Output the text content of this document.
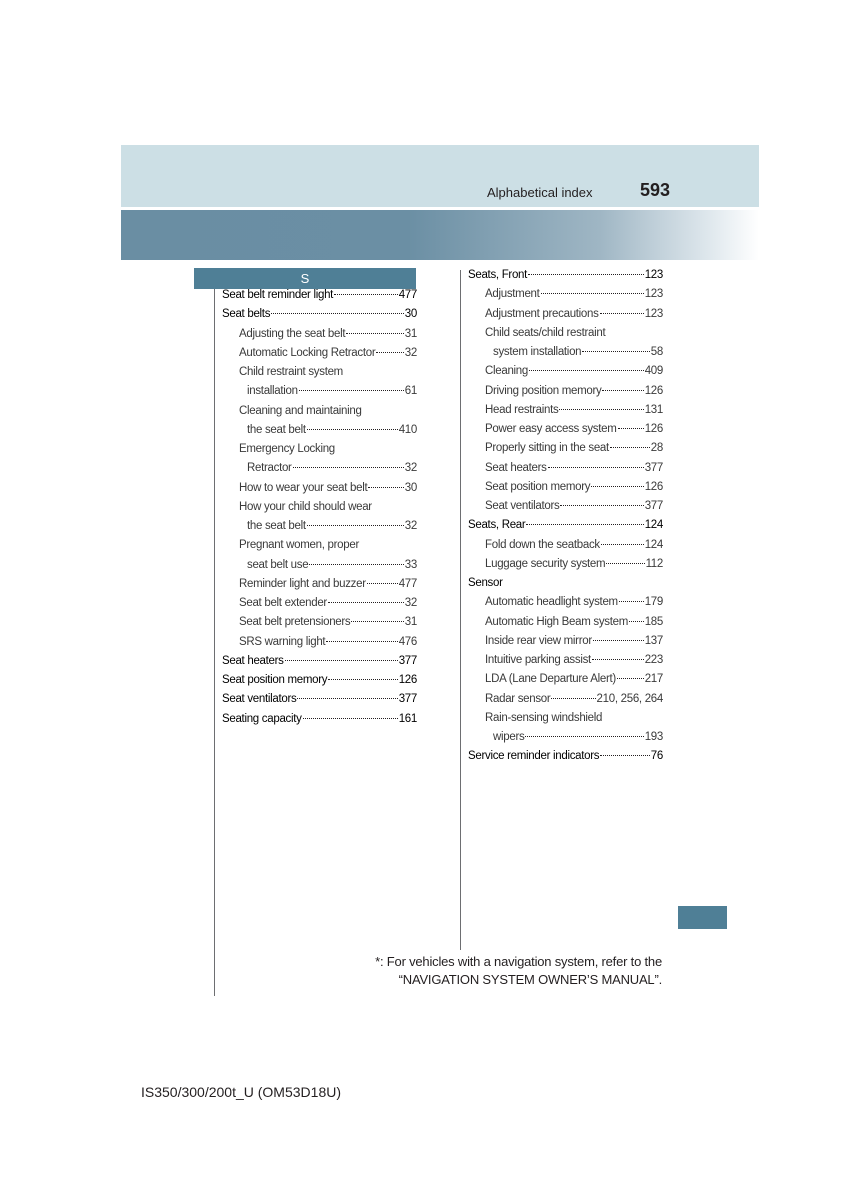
Alphabetical index	593
S
Seat belt reminder light	477
Seat belts	30
Adjusting the seat belt	31
Automatic Locking Retractor	32
Child restraint system
installation	61
Cleaning and maintaining
the seat belt	410
Emergency Locking
Retractor	32
How to wear your seat belt	30
How your child should wear
the seat belt	32
Pregnant women, proper
seat belt use	33
Reminder light and buzzer	477
Seat belt extender	32
Seat belt pretensioners	31
SRS warning light	476
Seat heaters	377
Seat position memory	126
Seat ventilators	377
Seating capacity	161
Seats, Front	123
Adjustment	123
Adjustment precautions	123
Child seats/child restraint
system installation	58
Cleaning	409
Driving position memory	126
Head restraints	131
Power easy access system 126
Properly sitting in the seat	28
Seat heaters	377
Seat position memory	126
Seat ventilators	377
Seats, Rear	124
Fold down the seatback	124
Luggage security system	112
Sensor
Automatic headlight system 179
Automatic High Beam system 185
Inside rear view mirror	137
Intuitive parking assist	223
LDA (Lane Departure Alert)	217
Radar sensor	210, 256, 264
Rain-sensing windshield
wipers	193
Service reminder indicators	76
*: For vehicles with a navigation system, refer to the
“NAVIGATION SYSTEM OWNER’S MANUAL”.
IS350/300/200t_U (OM53D18U)
